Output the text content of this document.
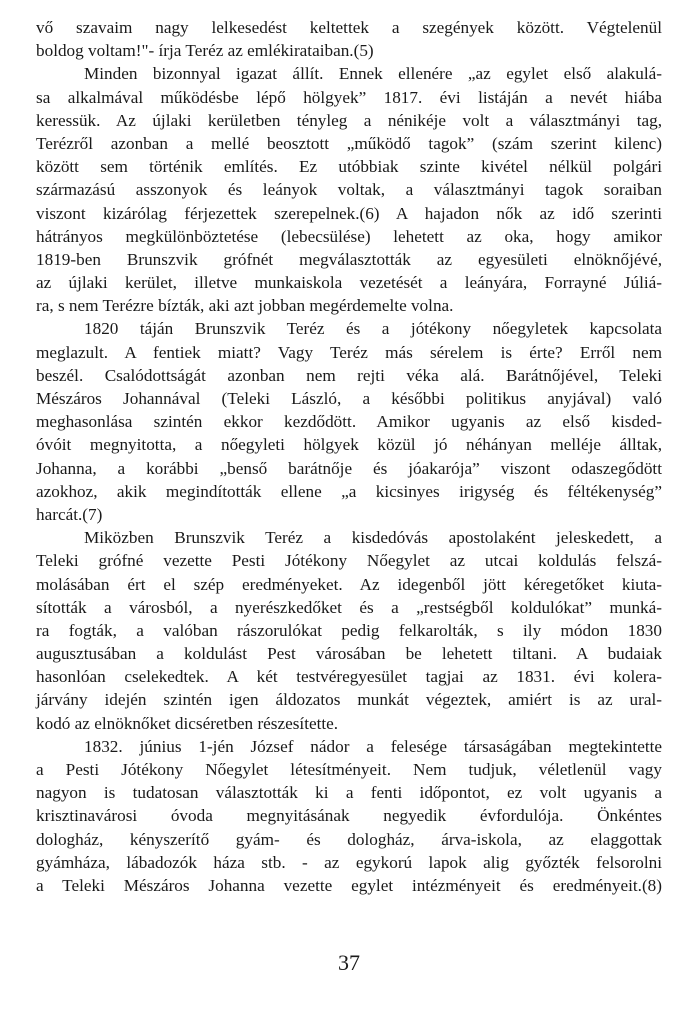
vő szavaim nagy lelkesedést keltettek a szegények között. Végtelenül
boldog voltam!"- írja Teréz az emlékirataiban.(5)
Minden bizonnyal igazat állít. Ennek ellenére „az egylet első alakulá-
sa alkalmával működésbe lépő hölgyek” 1817. évi listáján a nevét hiába
keressük. Az újlaki kerületben tényleg a nénikéje volt a választmányi tag,
Terézről azonban a mellé beosztott „működő tagok” (szám szerint kilenc)
között sem történik említés. Ez utóbbiak szinte kivétel nélkül polgári
származású asszonyok és leányok voltak, a választmányi tagok soraiban
viszont kizárólag férjezettek szerepelnek.(6) A hajadon nők az idő szerinti
hátrányos megkülönböztetése (lebecsülése) lehetett az oka, hogy amikor
1819-ben Brunszvik grófnét megválasztották az egyesületi elnöknőjévé,
az újlaki kerület, illetve munkaiskola vezetését a leányára, Forrayné Júliá-
ra, s nem Terézre bízták, aki azt jobban megérdemelte volna.
1820 táján Brunszvik Teréz és a jótékony nőegyletek kapcsolata
meglazult. A fentiek miatt? Vagy Teréz más sérelem is érte? Erről nem
beszél. Csalódottságát azonban nem rejti véka alá. Barátnőjével, Teleki
Mészáros Johannával (Teleki László, a későbbi politikus anyjával) való
meghasonlása szintén ekkor kezdődött. Amikor ugyanis az első kisded-
óvóit megnyitotta, a nőegyleti hölgyek közül jó néhányan melléje álltak,
Johanna, a korábbi „benső barátnője és jóakarója” viszont odaszegődött
azokhoz, akik megindították ellene „a kicsinyes irigység és féltékenység”
harcát.(7)
Miközben Brunszvik Teréz a kisdedóvás apostolaként jeleskedett, a
Teleki grófné vezette Pesti Jótékony Nőegylet az utcai koldulás felszá-
molásában ért el szép eredményeket. Az idegenből jött kéregetőket kiuta-
sították a városból, a nyerészkedőket és a „restségből koldulókat” munká-
ra fogták, a valóban rászorulókat pedig felkarolták, s ily módon 1830
augusztusában a koldulást Pest városában be lehetett tiltani. A budaiak
hasonlóan cselekedtek. A két testvéregyesület tagjai az 1831. évi kolera-
járvány idején szintén igen áldozatos munkát végeztek, amiért is az ural-
kodó az elnöknőket dicséretben részesítette.
1832. június 1-jén József nádor a felesége társaságában megtekintette
a Pesti Jótékony Nőegylet létesítményeit. Nem tudjuk, véletlenül vagy
nagyon is tudatosan választották ki a fenti időpontot, ez volt ugyanis a
krisztinavárosi óvoda megnyitásának negyedik évfordulója. Önkéntes
dologház, kényszerítő gyám- és dologház, árva-iskola, az elaggottak
gyámháza, lábadozók háza stb. - az egykorú lapok alig győzték felsorolni
a Teleki Mészáros Johanna vezette egylet intézményeit és eredményeit.(8)
37
